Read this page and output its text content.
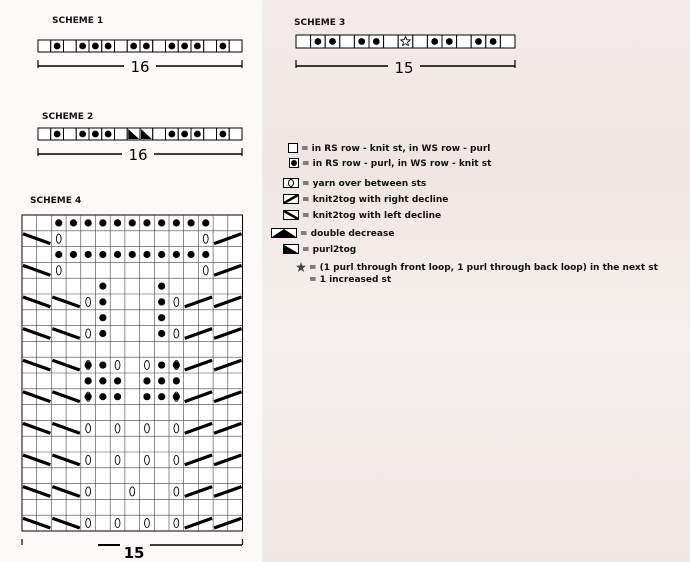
SCHEME 1	SCHEME 3
SCHEME 2
SCHEME 4
16
16
15
15
= in RS row - knit st, in WS row - purl
= in RS row - purl, in WS row - knit st
= yarn over between sts
= knit2tog with right decline
= knit2tog with left decline
= double decrease
= purl2tog
= (1 purl through front loop, 1 purl through back loop) in the next st = 1 increased st
